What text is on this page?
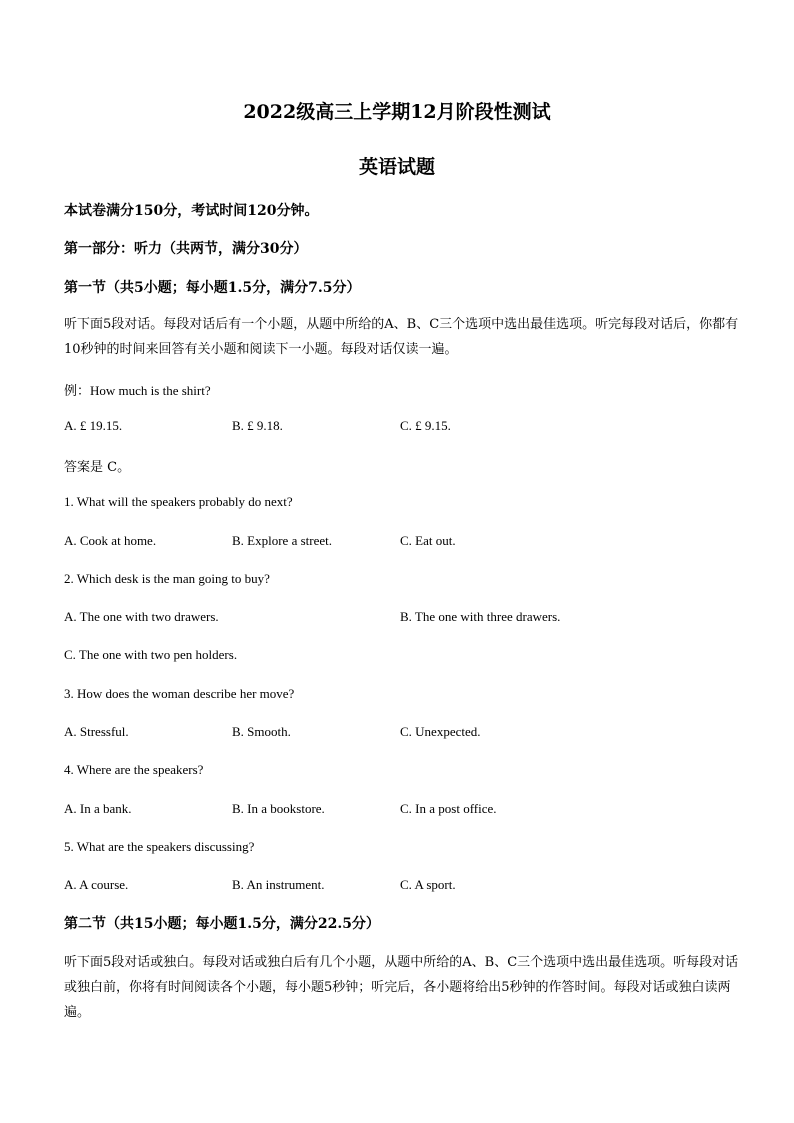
2022级高三上学期12月阶段性测试
英语试题
本试卷满分150分，考试时间120分钟。
第一部分：听力（共两节，满分30分）
第一节（共5小题；每小题1.5分，满分7.5分）
听下面5段对话。每段对话后有一个小题，从题中所给的A、B、C三个选项中选出最佳选项。听完每段对话后，你都有10秒钟的时间来回答有关小题和阅读下一小题。每段对话仅读一遍。
例：How much is the shirt?
A. £ 19.15.	B. £ 9.18.	C. £ 9.15.
答案是 C。
1. What will the speakers probably do next?
A. Cook at home.	B. Explore a street.	C. Eat out.
2. Which desk is the man going to buy?
A. The one with two drawers.	B. The one with three drawers.
C. The one with two pen holders.
3. How does the woman describe her move?
A. Stressful.	B. Smooth.	C. Unexpected.
4. Where are the speakers?
A. In a bank.	B. In a bookstore.	C. In a post office.
5. What are the speakers discussing?
A. A course.	B. An instrument.	C. A sport.
第二节（共15小题；每小题1.5分，满分22.5分）
听下面5段对话或独白。每段对话或独白后有几个小题，从题中所给的A、B、C三个选项中选出最佳选项。听每段对话或独白前，你将有时间阅读各个小题，每小题5秒钟；听完后，各小题将给出5秒钟的作答时间。每段对话或独白读两遍。
